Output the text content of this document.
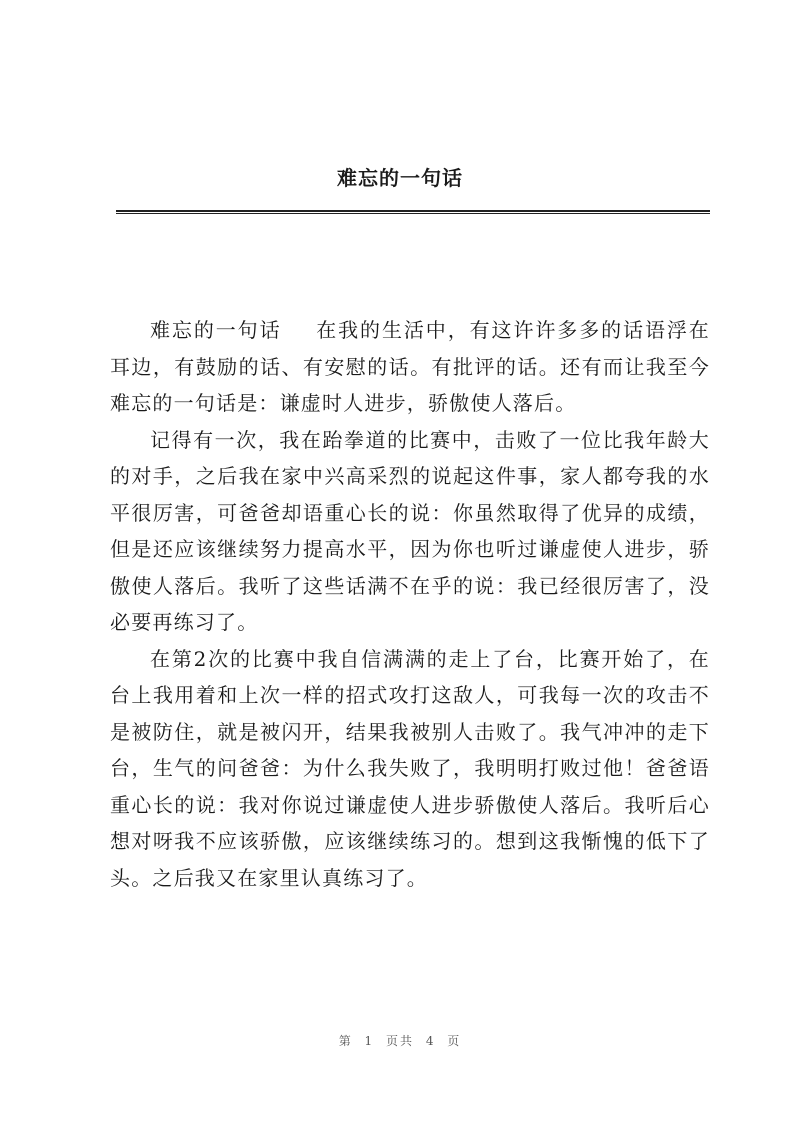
难忘的一句话

难忘的一句话 在我的生活中，有这许许多多的话语浮在耳边，有鼓励的话、有安慰的话。有批评的话。还有而让我至今难忘的一句话是：谦虚时人进步，骄傲使人落后。

记得有一次，我在跆拳道的比赛中，击败了一位比我年龄大的对手，之后我在家中兴高采烈的说起这件事，家人都夸我的水平很厉害，可爸爸却语重心长的说：你虽然取得了优异的成绩，但是还应该继续努力提高水平，因为你也听过谦虚使人进步，骄傲使人落后。我听了这些话满不在乎的说：我已经很厉害了，没必要再练习了。

在第2次的比赛中我自信满满的走上了台，比赛开始了，在台上我用着和上次一样的招式攻打这敌人，可我每一次的攻击不是被防住，就是被闪开，结果我被别人击败了。我气冲冲的走下台，生气的问爸爸：为什么我失败了，我明明打败过他！爸爸语重心长的说：我对你说过谦虚使人进步骄傲使人落后。我听后心想对呀我不应该骄傲，应该继续练习的。想到这我惭愧的低下了头。之后我又在家里认真练习了。

第 1 页共 4 页
